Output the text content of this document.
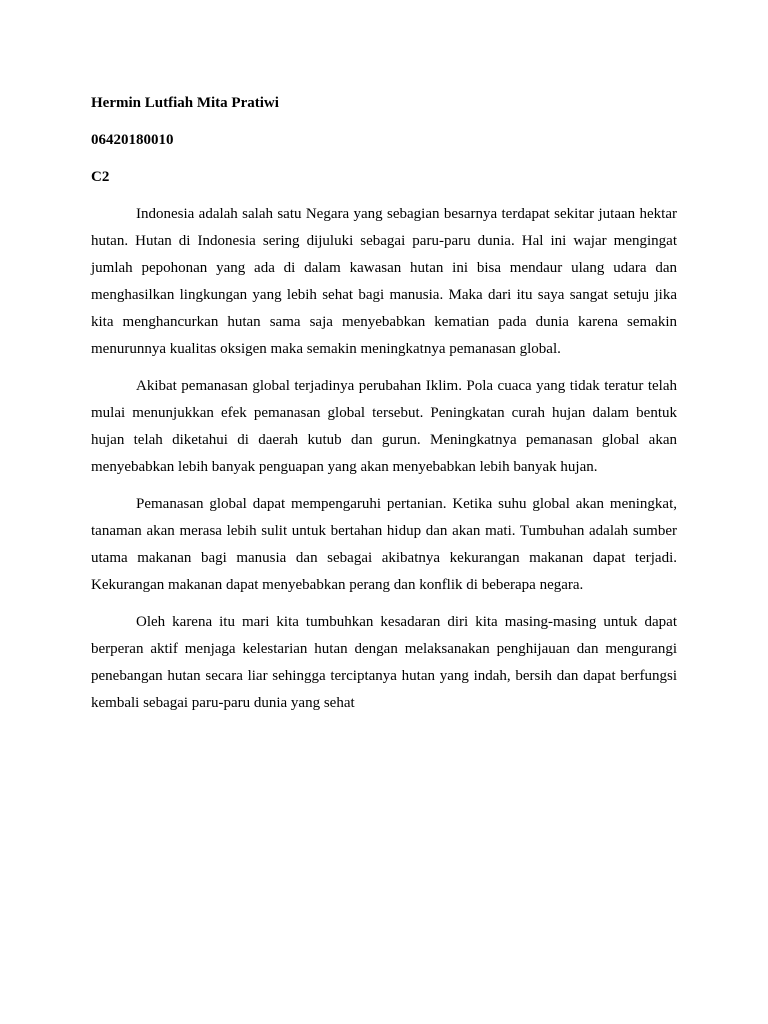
Hermin Lutfiah Mita Pratiwi

06420180010

C2

Indonesia adalah salah satu Negara yang sebagian besarnya terdapat sekitar jutaan hektar hutan. Hutan di Indonesia sering dijuluki sebagai paru-paru dunia. Hal ini wajar mengingat jumlah pepohonan yang ada di dalam kawasan hutan ini bisa mendaur ulang udara dan menghasilkan lingkungan yang lebih sehat bagi manusia. Maka dari itu saya sangat setuju jika kita menghancurkan hutan sama saja menyebabkan kematian pada dunia karena semakin menurunnya kualitas oksigen maka semakin meningkatnya pemanasan global.

Akibat pemanasan global terjadinya perubahan Iklim. Pola cuaca yang tidak teratur telah mulai menunjukkan efek pemanasan global tersebut. Peningkatan curah hujan dalam bentuk hujan telah diketahui di daerah kutub dan gurun. Meningkatnya pemanasan global akan menyebabkan lebih banyak penguapan yang akan menyebabkan lebih banyak hujan.

Pemanasan global dapat mempengaruhi pertanian. Ketika suhu global akan meningkat, tanaman akan merasa lebih sulit untuk bertahan hidup dan akan mati. Tumbuhan adalah sumber utama makanan bagi manusia dan sebagai akibatnya kekurangan makanan dapat terjadi. Kekurangan makanan dapat menyebabkan perang dan konflik di beberapa negara.

Oleh karena itu mari kita tumbuhkan kesadaran diri kita masing-masing untuk dapat berperan aktif menjaga kelestarian hutan dengan melaksanakan penghijauan dan mengurangi penebangan hutan secara liar sehingga terciptanya hutan yang indah, bersih dan dapat berfungsi kembali sebagai paru-paru dunia yang sehat
